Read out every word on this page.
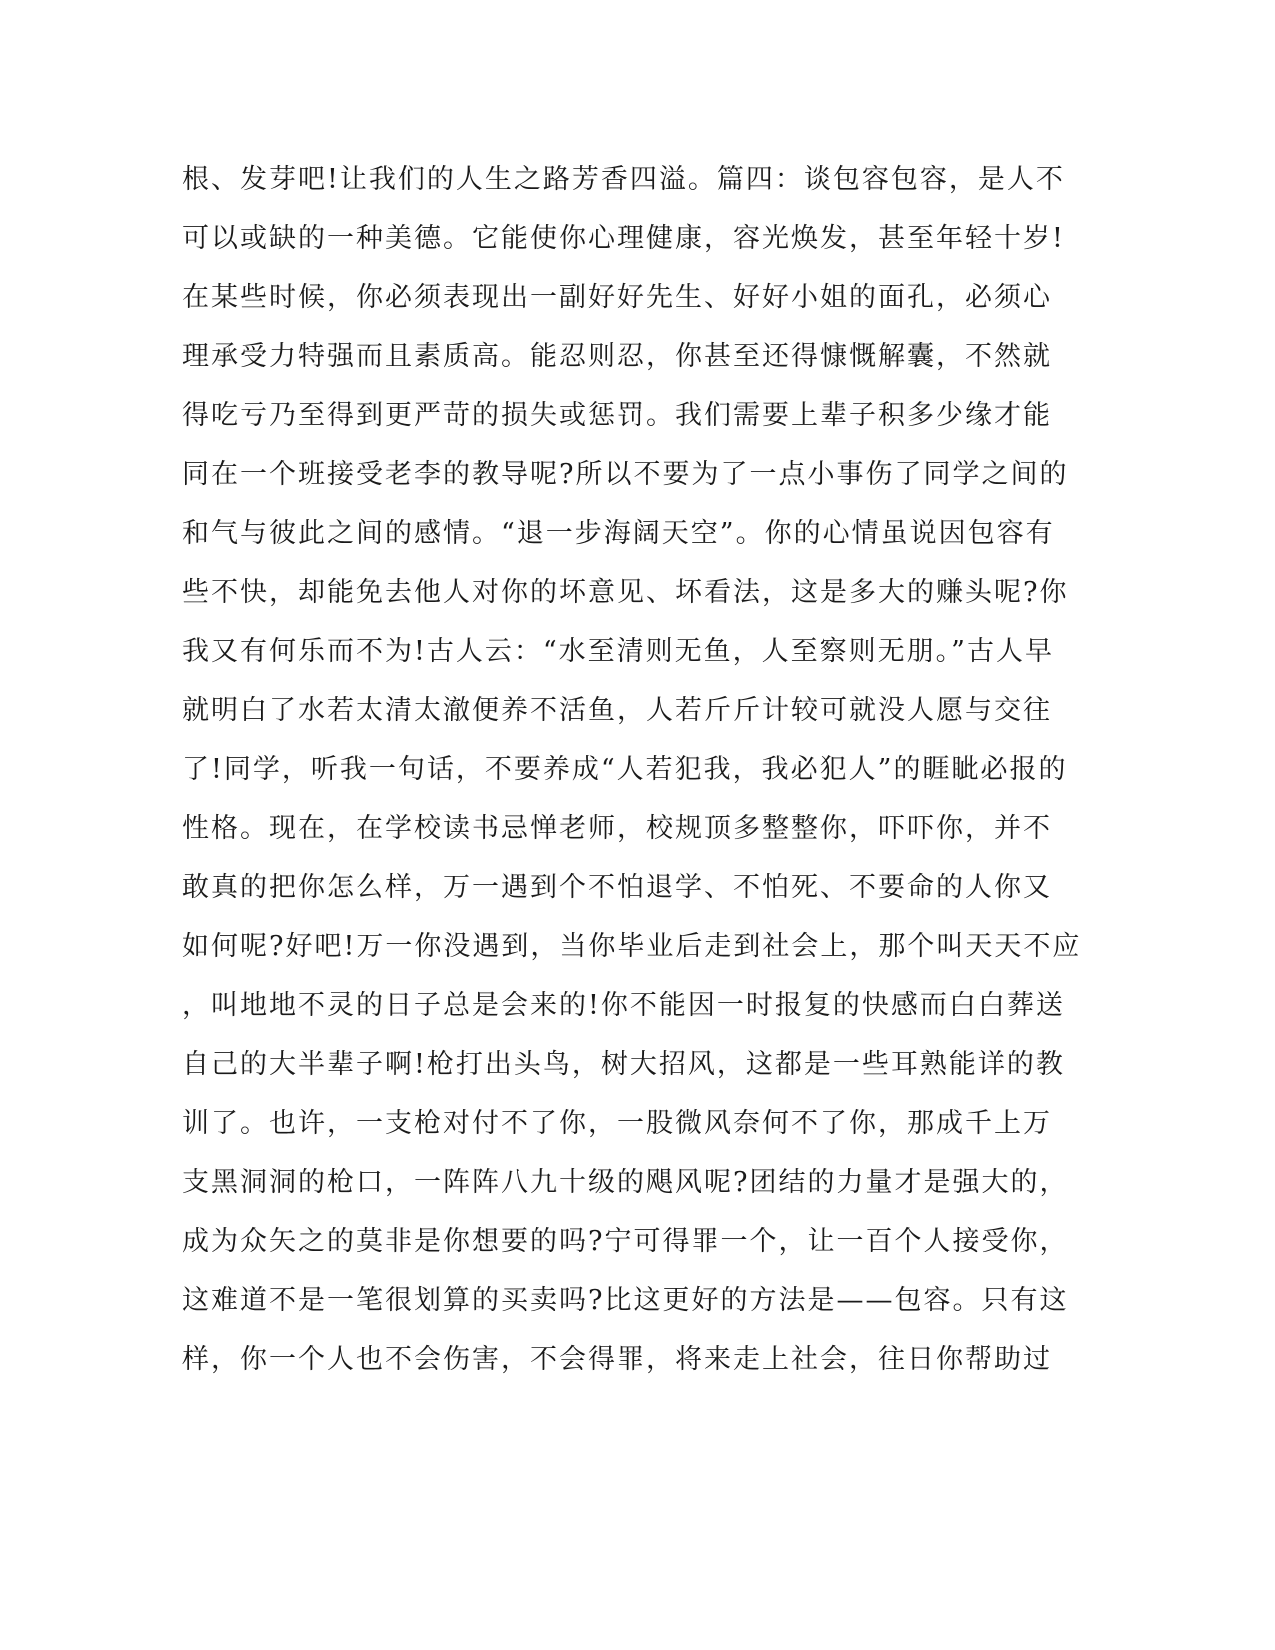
根、发芽吧!让我们的人生之路芳香四溢。篇四：谈包容包容，是人不
可以或缺的一种美德。它能使你心理健康，容光焕发，甚至年轻十岁!
在某些时候，你必须表现出一副好好先生、好好小姐的面孔，必须心
理承受力特强而且素质高。能忍则忍，你甚至还得慷慨解囊，不然就
得吃亏乃至得到更严苛的损失或惩罚。我们需要上辈子积多少缘才能
同在一个班接受老李的教导呢?所以不要为了一点小事伤了同学之间的
和气与彼此之间的感情。“退一步海阔天空”。你的心情虽说因包容有
些不快，却能免去他人对你的坏意见、坏看法，这是多大的赚头呢?你
我又有何乐而不为!古人云：“水至清则无鱼，人至察则无朋。”古人早
就明白了水若太清太澈便养不活鱼，人若斤斤计较可就没人愿与交往
了!同学，听我一句话，不要养成“人若犯我，我必犯人”的睚眦必报的
性格。现在，在学校读书忌惮老师，校规顶多整整你，吓吓你，并不
敢真的把你怎么样，万一遇到个不怕退学、不怕死、不要命的人你又
如何呢?好吧!万一你没遇到，当你毕业后走到社会上，那个叫天天不应
，叫地地不灵的日子总是会来的!你不能因一时报复的快感而白白葬送
自己的大半辈子啊!枪打出头鸟，树大招风，这都是一些耳熟能详的教
训了。也许，一支枪对付不了你，一股微风奈何不了你，那成千上万
支黑洞洞的枪口，一阵阵八九十级的飓风呢?团结的力量才是强大的，
成为众矢之的莫非是你想要的吗?宁可得罪一个，让一百个人接受你，
这难道不是一笔很划算的买卖吗?比这更好的方法是——包容。只有这
样，你一个人也不会伤害，不会得罪，将来走上社会，往日你帮助过
